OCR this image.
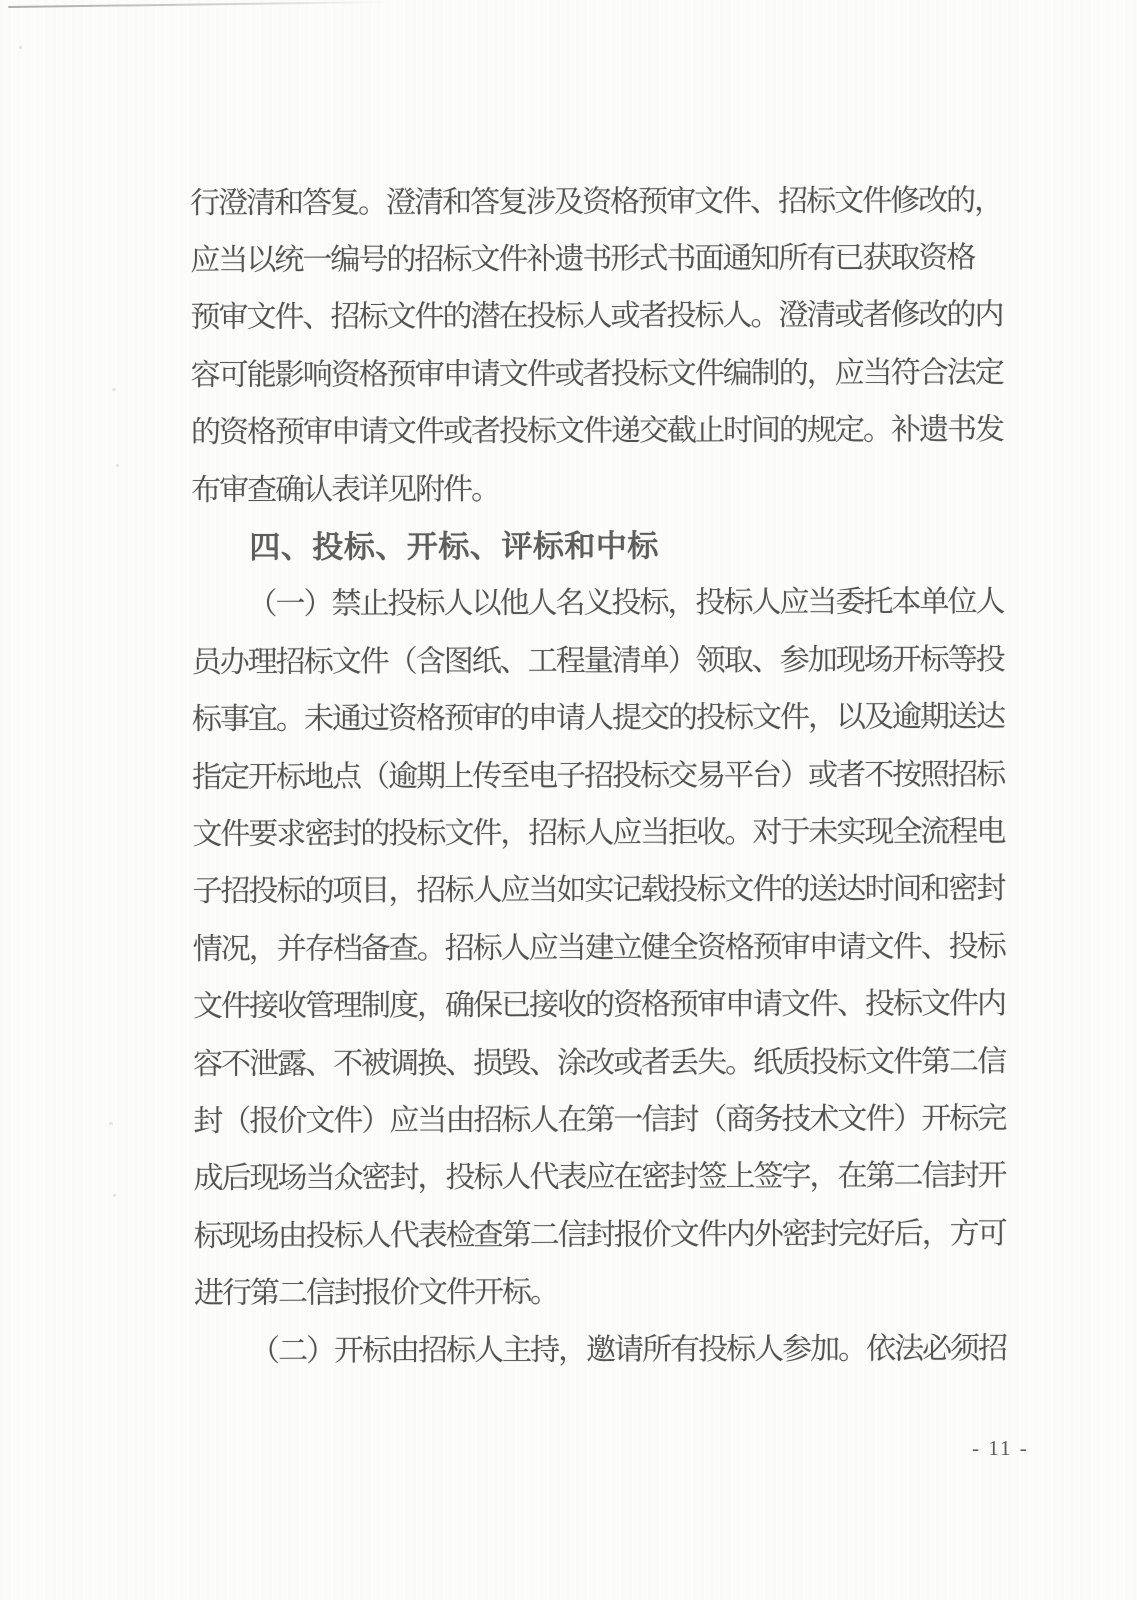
行澄清和答复。澄清和答复涉及资格预审文件、招标文件修改的，
应当以统一编号的招标文件补遗书形式书面通知所有已获取资格
预审文件、招标文件的潜在投标人或者投标人。澄清或者修改的内
容可能影响资格预审申请文件或者投标文件编制的，应当符合法定
的资格预审申请文件或者投标文件递交截止时间的规定。补遗书发
布审查确认表详见附件。
四、投标、开标、评标和中标
（一）禁止投标人以他人名义投标，投标人应当委托本单位人
员办理招标文件（含图纸、工程量清单）领取、参加现场开标等投
标事宜。未通过资格预审的申请人提交的投标文件，以及逾期送达
指定开标地点（逾期上传至电子招投标交易平台）或者不按照招标
文件要求密封的投标文件，招标人应当拒收。对于未实现全流程电
子招投标的项目，招标人应当如实记载投标文件的送达时间和密封
情况，并存档备查。招标人应当建立健全资格预审申请文件、投标
文件接收管理制度，确保已接收的资格预审申请文件、投标文件内
容不泄露、不被调换、损毁、涂改或者丢失。纸质投标文件第二信
封（报价文件）应当由招标人在第一信封（商务技术文件）开标完
成后现场当众密封，投标人代表应在密封签上签字，在第二信封开
标现场由投标人代表检查第二信封报价文件内外密封完好后，方可
进行第二信封报价文件开标。
（二）开标由招标人主持，邀请所有投标人参加。依法必须招
- 11 -
